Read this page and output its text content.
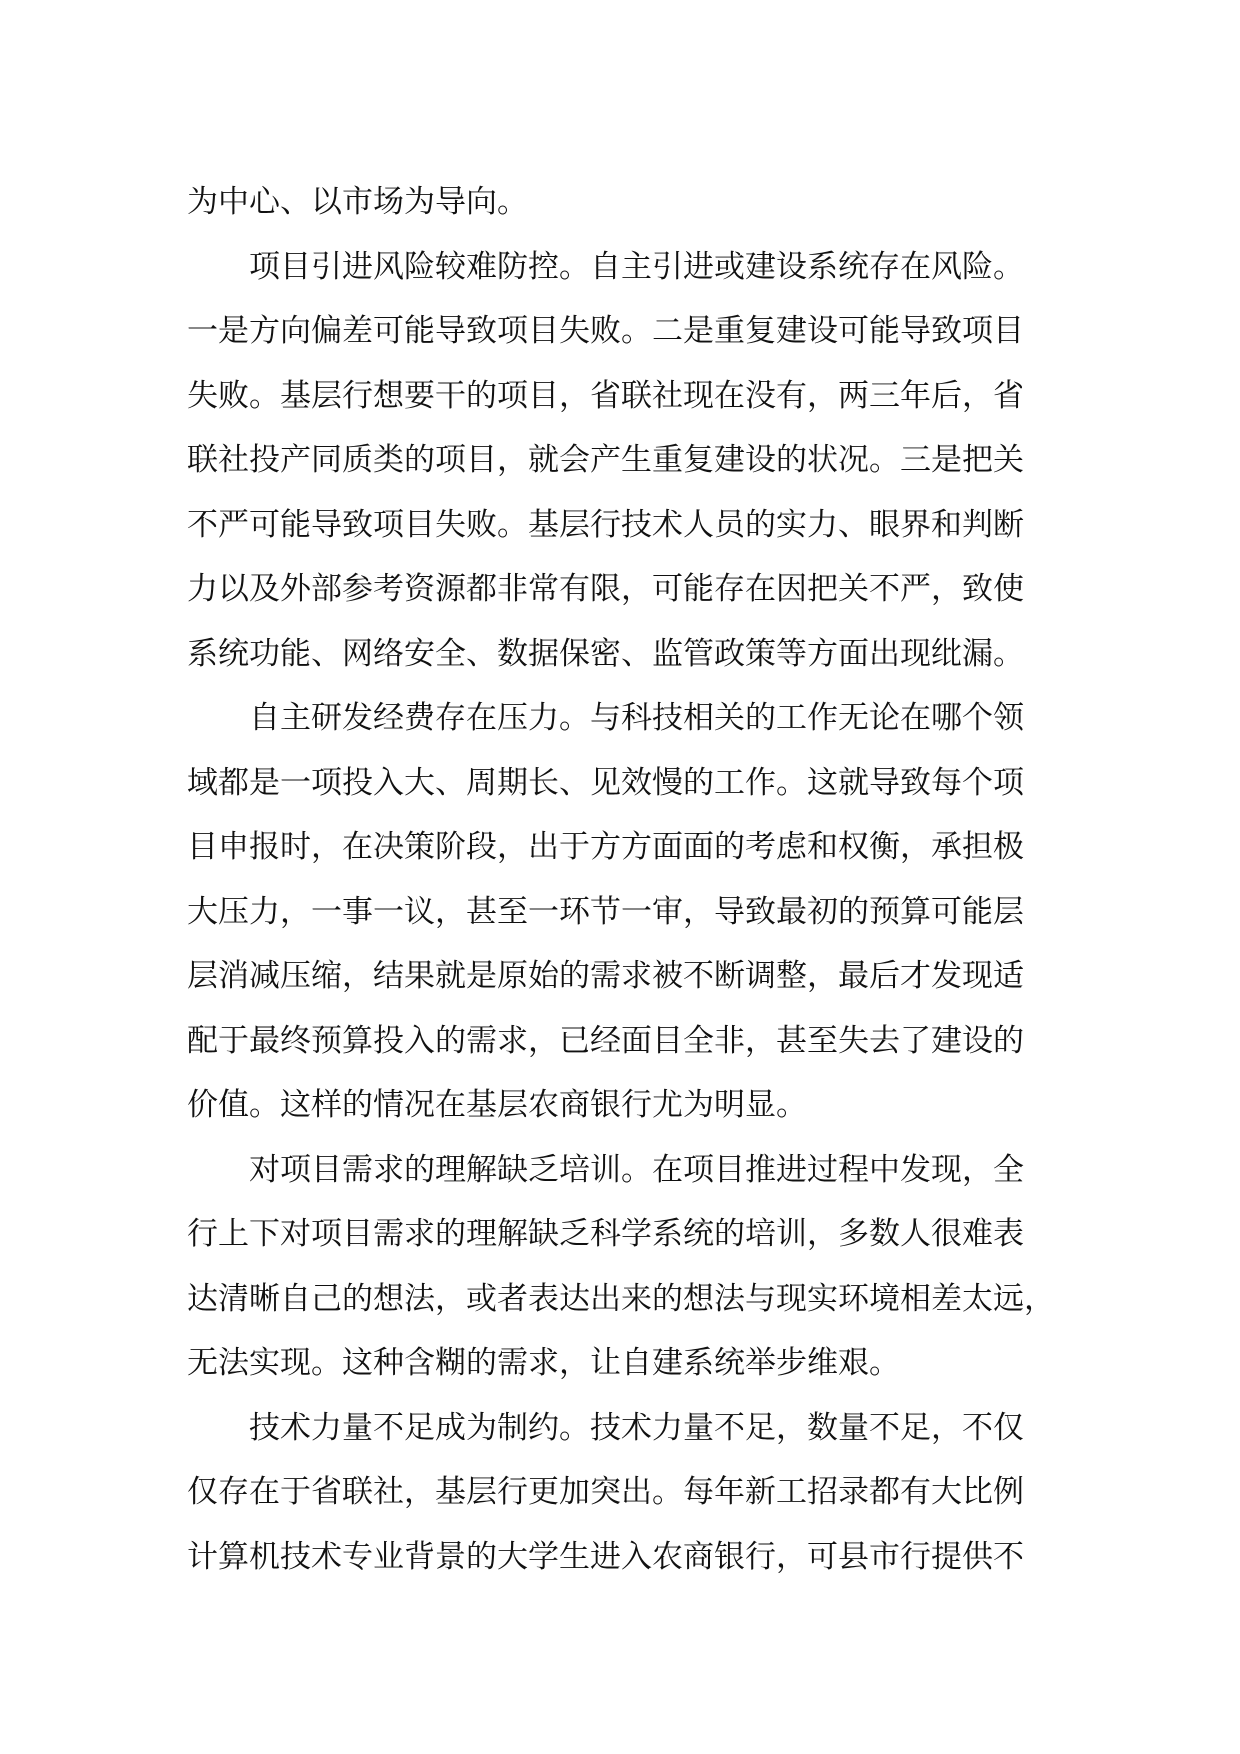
为中心、以市场为导向。
项目引进风险较难防控。自主引进或建设系统存在风险。
一是方向偏差可能导致项目失败。二是重复建设可能导致项目
失败。基层行想要干的项目，省联社现在没有，两三年后，省
联社投产同质类的项目，就会产生重复建设的状况。三是把关
不严可能导致项目失败。基层行技术人员的实力、眼界和判断
力以及外部参考资源都非常有限，可能存在因把关不严，致使
系统功能、网络安全、数据保密、监管政策等方面出现纰漏。
自主研发经费存在压力。与科技相关的工作无论在哪个领
域都是一项投入大、周期长、见效慢的工作。这就导致每个项
目申报时，在决策阶段，出于方方面面的考虑和权衡，承担极
大压力，一事一议，甚至一环节一审，导致最初的预算可能层
层消减压缩，结果就是原始的需求被不断调整，最后才发现适
配于最终预算投入的需求，已经面目全非，甚至失去了建设的
价值。这样的情况在基层农商银行尤为明显。
对项目需求的理解缺乏培训。在项目推进过程中发现，全
行上下对项目需求的理解缺乏科学系统的培训，多数人很难表
达清晰自己的想法，或者表达出来的想法与现实环境相差太远，
无法实现。这种含糊的需求，让自建系统举步维艰。
技术力量不足成为制约。技术力量不足，数量不足，不仅
仅存在于省联社，基层行更加突出。每年新工招录都有大比例
计算机技术专业背景的大学生进入农商银行，可县市行提供不
